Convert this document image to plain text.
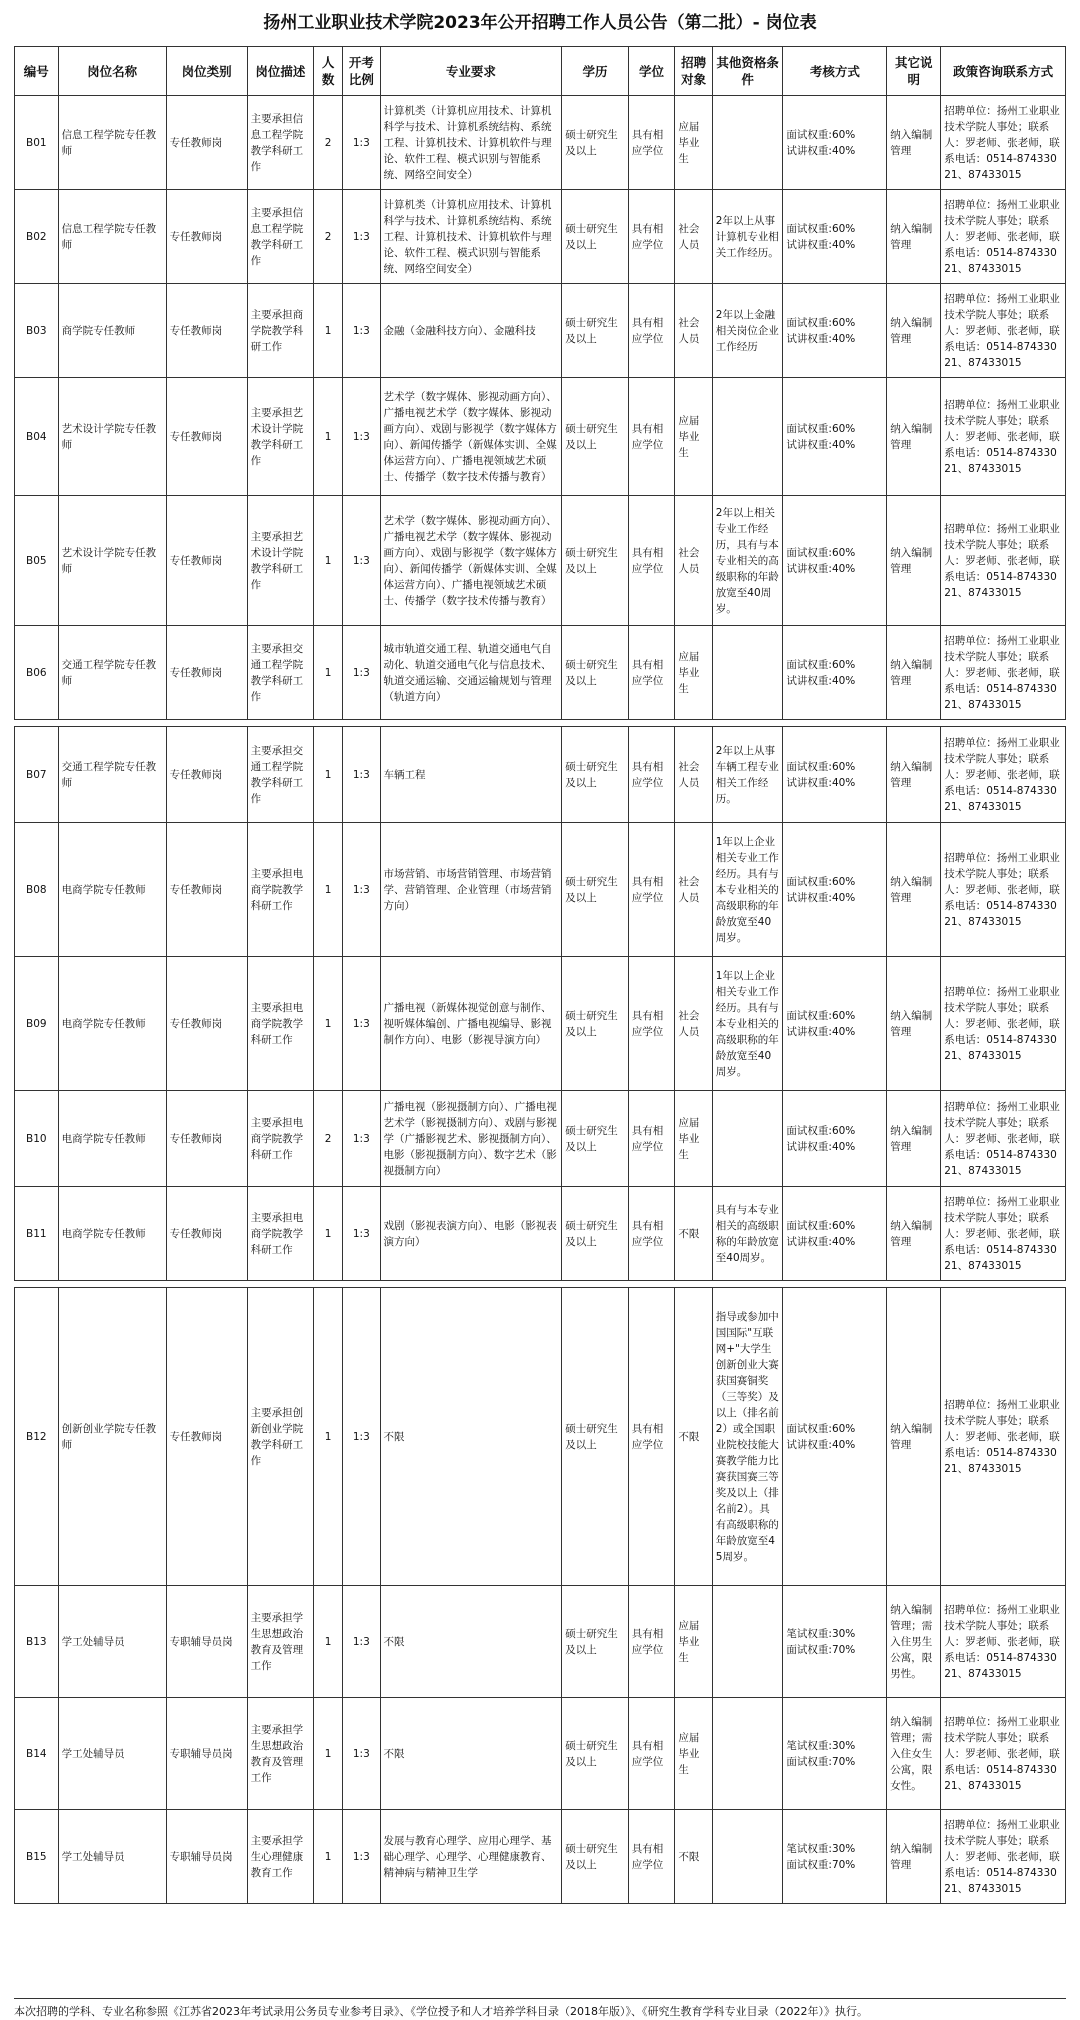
扬州工业职业技术学院2023年公开招聘工作人员公告（第二批）- 岗位表
编号	岗位名称	岗位类别	岗位描述	人数	开考比例	专业要求	学历	学位	招聘对象	其他资格条件	考核方式	其它说明	政策咨询联系方式
B01	信息工程学院专任教师	专任教师岗	主要承担信息工程学院教学科研工作	2	1:3	计算机类（计算机应用技术、计算机科学与技术、计算机系统结构、系统工程、计算机技术、计算机软件与理论、软件工程、模式识别与智能系统、网络空间安全）	硕士研究生及以上	具有相应学位	应届毕业生		面试权重:60%
试讲权重:40%	纳入编制管理	招聘单位：扬州工业职业技术学院人事处；联系人：罗老师、张老师，联系电话：0514-87433021、87433015
B02	信息工程学院专任教师	专任教师岗	主要承担信息工程学院教学科研工作	2	1:3	计算机类（计算机应用技术、计算机科学与技术、计算机系统结构、系统工程、计算机技术、计算机软件与理论、软件工程、模式识别与智能系统、网络空间安全）	硕士研究生及以上	具有相应学位	社会人员	2年以上从事计算机专业相关工作经历。	面试权重:60%
试讲权重:40%	纳入编制管理	招聘单位：扬州工业职业技术学院人事处；联系人：罗老师、张老师，联系电话：0514-87433021、87433015
B03	商学院专任教师	专任教师岗	主要承担商学院教学科研工作	1	1:3	金融（金融科技方向）、金融科技	硕士研究生及以上	具有相应学位	社会人员	2年以上金融相关岗位企业工作经历	面试权重:60%
试讲权重:40%	纳入编制管理	招聘单位：扬州工业职业技术学院人事处；联系人：罗老师、张老师，联系电话：0514-87433021、87433015
B04	艺术设计学院专任教师	专任教师岗	主要承担艺术设计学院教学科研工作	1	1:3	艺术学（数字媒体、影视动画方向）、广播电视艺术学（数字媒体、影视动画方向）、戏剧与影视学（数字媒体方向）、新闻传播学（新媒体实训、全媒体运营方向）、广播电视领域艺术硕士、传播学（数字技术传播与教育）	硕士研究生及以上	具有相应学位	应届毕业生		面试权重:60%
试讲权重:40%	纳入编制管理	招聘单位：扬州工业职业技术学院人事处；联系人：罗老师、张老师，联系电话：0514-87433021、87433015
B05	艺术设计学院专任教师	专任教师岗	主要承担艺术设计学院教学科研工作	1	1:3	艺术学（数字媒体、影视动画方向）、广播电视艺术学（数字媒体、影视动画方向）、戏剧与影视学（数字媒体方向）、新闻传播学（新媒体实训、全媒体运营方向）、广播电视领域艺术硕士、传播学（数字技术传播与教育）	硕士研究生及以上	具有相应学位	社会人员	2年以上相关专业工作经历，具有与本专业相关的高级职称的年龄放宽至40周岁。	面试权重:60%
试讲权重:40%	纳入编制管理	招聘单位：扬州工业职业技术学院人事处；联系人：罗老师、张老师，联系电话：0514-87433021、87433015
B06	交通工程学院专任教师	专任教师岗	主要承担交通工程学院教学科研工作	1	1:3	城市轨道交通工程、轨道交通电气自动化、轨道交通电气化与信息技术、轨道交通运输、交通运输规划与管理（轨道方向）	硕士研究生及以上	具有相应学位	应届毕业生		面试权重:60%
试讲权重:40%	纳入编制管理	招聘单位：扬州工业职业技术学院人事处；联系人：罗老师、张老师，联系电话：0514-87433021、87433015

B07	交通工程学院专任教师	专任教师岗	主要承担交通工程学院教学科研工作	1	1:3	车辆工程	硕士研究生及以上	具有相应学位	社会人员	2年以上从事车辆工程专业相关工作经历。	面试权重:60%
试讲权重:40%	纳入编制管理	招聘单位：扬州工业职业技术学院人事处；联系人：罗老师、张老师，联系电话：0514-87433021、87433015
B08	电商学院专任教师	专任教师岗	主要承担电商学院教学科研工作	1	1:3	市场营销、市场营销管理、市场营销学、营销管理、企业管理（市场营销方向）	硕士研究生及以上	具有相应学位	社会人员	1年以上企业相关专业工作经历。具有与本专业相关的高级职称的年龄放宽至40周岁。	面试权重:60%
试讲权重:40%	纳入编制管理	招聘单位：扬州工业职业技术学院人事处；联系人：罗老师、张老师，联系电话：0514-87433021、87433015
B09	电商学院专任教师	专任教师岗	主要承担电商学院教学科研工作	1	1:3	广播电视（新媒体视觉创意与制作、视听媒体编创、广播电视编导、影视制作方向）、电影（影视导演方向）	硕士研究生及以上	具有相应学位	社会人员	1年以上企业相关专业工作经历。具有与本专业相关的高级职称的年龄放宽至40周岁。	面试权重:60%
试讲权重:40%	纳入编制管理	招聘单位：扬州工业职业技术学院人事处；联系人：罗老师、张老师，联系电话：0514-87433021、87433015
B10	电商学院专任教师	专任教师岗	主要承担电商学院教学科研工作	2	1:3	广播电视（影视摄制方向）、广播电视艺术学（影视摄制方向）、戏剧与影视学（广播影视艺术、影视摄制方向）、电影（影视摄制方向）、数字艺术（影视摄制方向）	硕士研究生及以上	具有相应学位	应届毕业生		面试权重:60%
试讲权重:40%	纳入编制管理	招聘单位：扬州工业职业技术学院人事处；联系人：罗老师、张老师，联系电话：0514-87433021、87433015
B11	电商学院专任教师	专任教师岗	主要承担电商学院教学科研工作	1	1:3	戏剧（影视表演方向）、电影（影视表演方向）	硕士研究生及以上	具有相应学位	不限	具有与本专业相关的高级职称的年龄放宽至40周岁。	面试权重:60%
试讲权重:40%	纳入编制管理	招聘单位：扬州工业职业技术学院人事处；联系人：罗老师、张老师，联系电话：0514-87433021、87433015

B12	创新创业学院专任教师	专任教师岗	主要承担创新创业学院教学科研工作	1	1:3	不限	硕士研究生及以上	具有相应学位	不限	指导或参加中国国际"互联网+"大学生创新创业大赛获国赛铜奖（三等奖）及以上（排名前2）或全国职业院校技能大赛教学能力比赛获国赛三等奖及以上（排名前2）。具有高级职称的年龄放宽至45周岁。	面试权重:60%
试讲权重:40%	纳入编制管理	招聘单位：扬州工业职业技术学院人事处；联系人：罗老师、张老师，联系电话：0514-87433021、87433015
B13	学工处辅导员	专职辅导员岗	主要承担学生思想政治教育及管理工作	1	1:3	不限	硕士研究生及以上	具有相应学位	应届毕业生		笔试权重:30%
面试权重:70%	纳入编制管理；需入住男生公寓，限男性。	招聘单位：扬州工业职业技术学院人事处；联系人：罗老师、张老师，联系电话：0514-87433021、87433015
B14	学工处辅导员	专职辅导员岗	主要承担学生思想政治教育及管理工作	1	1:3	不限	硕士研究生及以上	具有相应学位	应届毕业生		笔试权重:30%
面试权重:70%	纳入编制管理；需入住女生公寓，限女性。	招聘单位：扬州工业职业技术学院人事处；联系人：罗老师、张老师，联系电话：0514-87433021、87433015
B15	学工处辅导员	专职辅导员岗	主要承担学生心理健康教育工作	1	1:3	发展与教育心理学、应用心理学、基础心理学、心理学、心理健康教育、精神病与精神卫生学	硕士研究生及以上	具有相应学位	不限		笔试权重:30%
面试权重:70%	纳入编制管理	招聘单位：扬州工业职业技术学院人事处；联系人：罗老师、张老师，联系电话：0514-87433021、87433015
本次招聘的学科、专业名称参照《江苏省2023年考试录用公务员专业参考目录》、《学位授予和人才培养学科目录（2018年版）》、《研究生教育学科专业目录（2022年）》执行。
